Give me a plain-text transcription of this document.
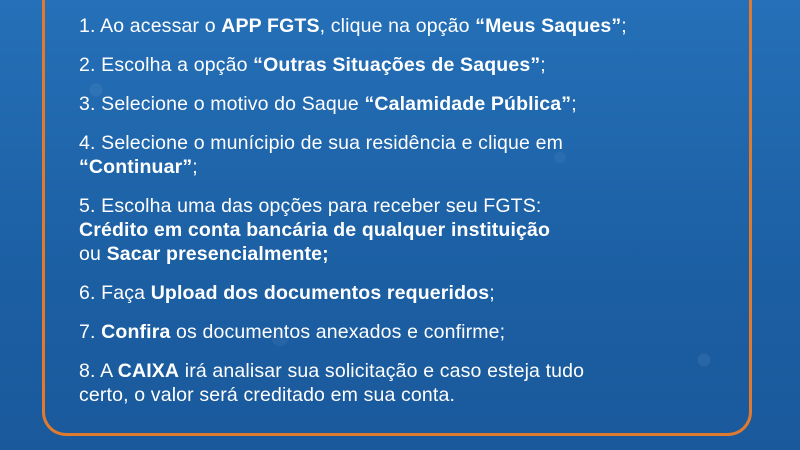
1. Ao acessar o APP FGTS, clique na opção “Meus Saques”;
2. Escolha a opção “Outras Situações de Saques”;
3. Selecione o motivo do Saque “Calamidade Pública”;
4. Selecione o munícipio de sua residência e clique em
“Continuar”;
5. Escolha uma das opções para receber seu FGTS:
Crédito em conta bancária de qualquer instituição
ou Sacar presencialmente;
6. Faça Upload dos documentos requeridos;
7. Confira os documentos anexados e confirme;
8. A CAIXA irá analisar sua solicitação e caso esteja tudo
certo, o valor será creditado em sua conta.
